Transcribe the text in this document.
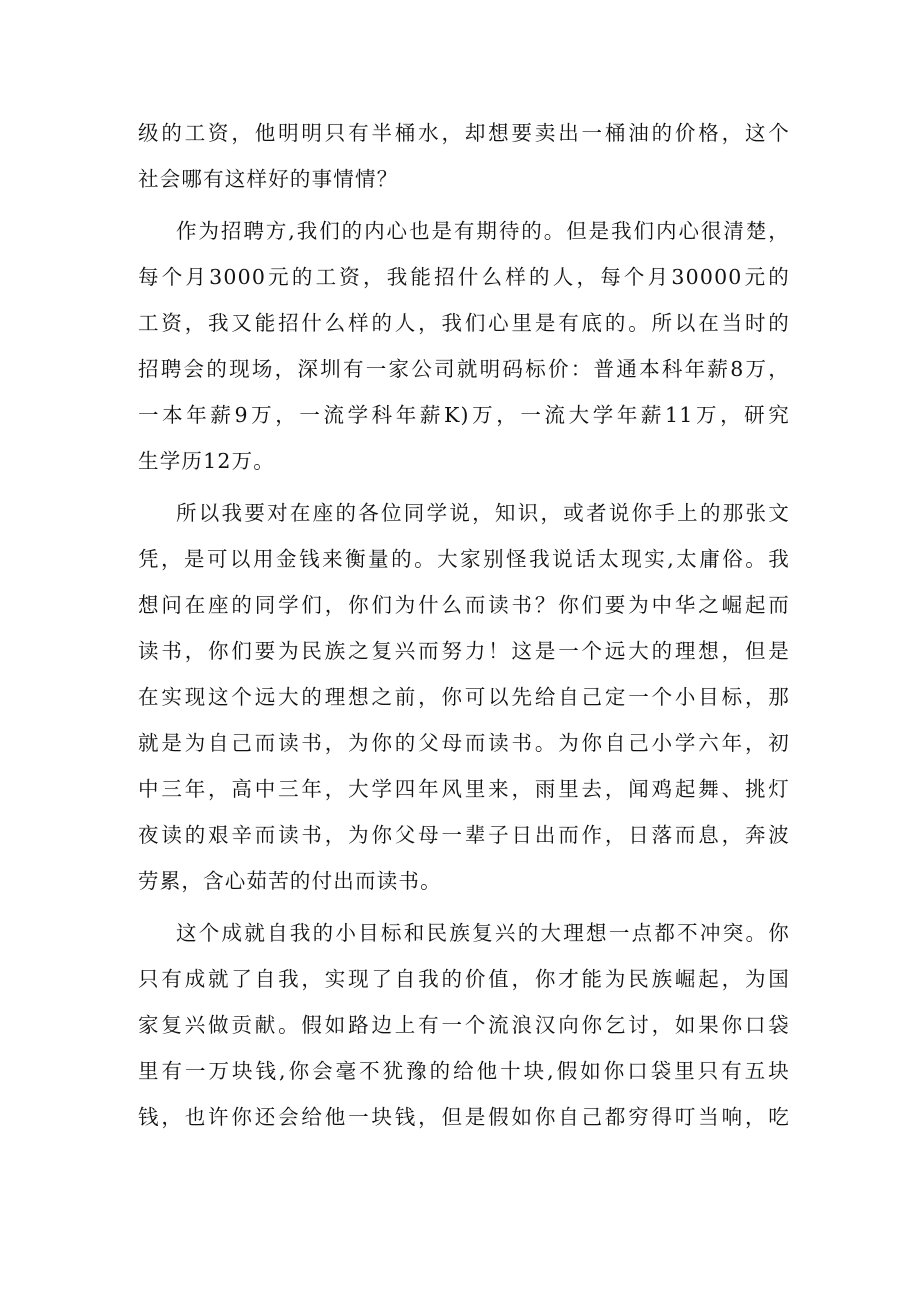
级的工资，他明明只有半桶水，却想要卖出一桶油的价格，这个
社会哪有这样好的事情情？
作为招聘方,我们的内心也是有期待的。但是我们内心很清楚，
每个月3000元的工资，我能招什么样的人，每个月30000元的
工资，我又能招什么样的人，我们心里是有底的。所以在当时的
招聘会的现场，深圳有一家公司就明码标价：普通本科年薪8万，
一本年薪9万，一流学科年薪K)万，一流大学年薪11万，研究
生学历12万。
所以我要对在座的各位同学说，知识，或者说你手上的那张文
凭，是可以用金钱来衡量的。大家别怪我说话太现实,太庸俗。我
想问在座的同学们，你们为什么而读书？你们要为中华之崛起而
读书，你们要为民族之复兴而努力！这是一个远大的理想，但是
在实现这个远大的理想之前，你可以先给自己定一个小目标，那
就是为自己而读书，为你的父母而读书。为你自己小学六年，初
中三年，高中三年，大学四年风里来，雨里去，闻鸡起舞、挑灯
夜读的艰辛而读书，为你父母一辈子日出而作，日落而息，奔波
劳累，含心茹苦的付出而读书。
这个成就自我的小目标和民族复兴的大理想一点都不冲突。你
只有成就了自我，实现了自我的价值，你才能为民族崛起，为国
家复兴做贡献。假如路边上有一个流浪汉向你乞讨，如果你口袋
里有一万块钱,你会毫不犹豫的给他十块,假如你口袋里只有五块
钱，也许你还会给他一块钱，但是假如你自己都穷得叮当响，吃
